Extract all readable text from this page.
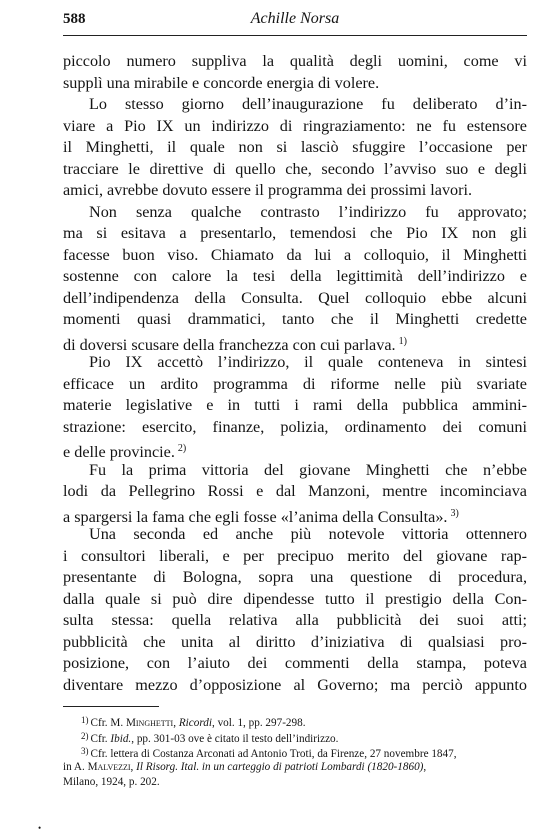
588	Achille Norsa
piccolo numero suppliva la qualità degli uomini, come vi
supplì una mirabile e concorde energia di volere.
Lo stesso giorno dell’inaugurazione fu deliberato d’in-
viare a Pio IX un indirizzo di ringraziamento: ne fu estensore
il Minghetti, il quale non si lasciò sfuggire l’occasione per
tracciare le direttive di quello che, secondo l’avviso suo e degli
amici, avrebbe dovuto essere il programma dei prossimi lavori.
Non senza qualche contrasto l’indirizzo fu approvato;
ma si esitava a presentarlo, temendosi che Pio IX non gli
facesse buon viso. Chiamato da lui a colloquio, il Minghetti
sostenne con calore la tesi della legittimità dell’indirizzo e
dell’indipendenza della Consulta. Quel colloquio ebbe alcuni
momenti quasi drammatici, tanto che il Minghetti credette
di doversi scusare della franchezza con cui parlava. $^{1)}$
Pio IX accettò l’indirizzo, il quale conteneva in sintesi
efficace un ardito programma di riforme nelle più svariate
materie legislative e in tutti i rami della pubblica ammini-
strazione: esercito, finanze, polizia, ordinamento dei comuni
e delle provincie. $^{2)}$
Fu la prima vittoria del giovane Minghetti che n’ebbe
lodi da Pellegrino Rossi e dal Manzoni, mentre incominciava
a spargersi la fama che egli fosse «l’anima della Consulta». $^{3)}$
Una seconda ed anche più notevole vittoria ottennero
i consultori liberali, e per precipuo merito del giovane rap-
presentante di Bologna, sopra una questione di procedura,
dalla quale si può dire dipendesse tutto il prestigio della Con-
sulta stessa: quella relativa alla pubblicità dei suoi atti;
pubblicità che unita al diritto d’iniziativa di qualsiasi pro-
posizione, con l’aiuto dei commenti della stampa, poteva
diventare mezzo d’opposizione al Governo; ma perciò appunto
$^{1)}$ Cfr. M. Minghetti, Ricordi, vol. 1, pp. 297-298.
$^{2)}$ Cfr. Ibid., pp. 301-03 ove è citato il testo dell’indirizzo.
$^{3)}$ Cfr. lettera di Costanza Arconati ad Antonio Troti, da Firenze, 27 novembre 1847,
in A. Malvezzi, Il Risorg. Ital. in un carteggio di patrioti Lombardi (1820-1860),
Milano, 1924, p. 202.
•
